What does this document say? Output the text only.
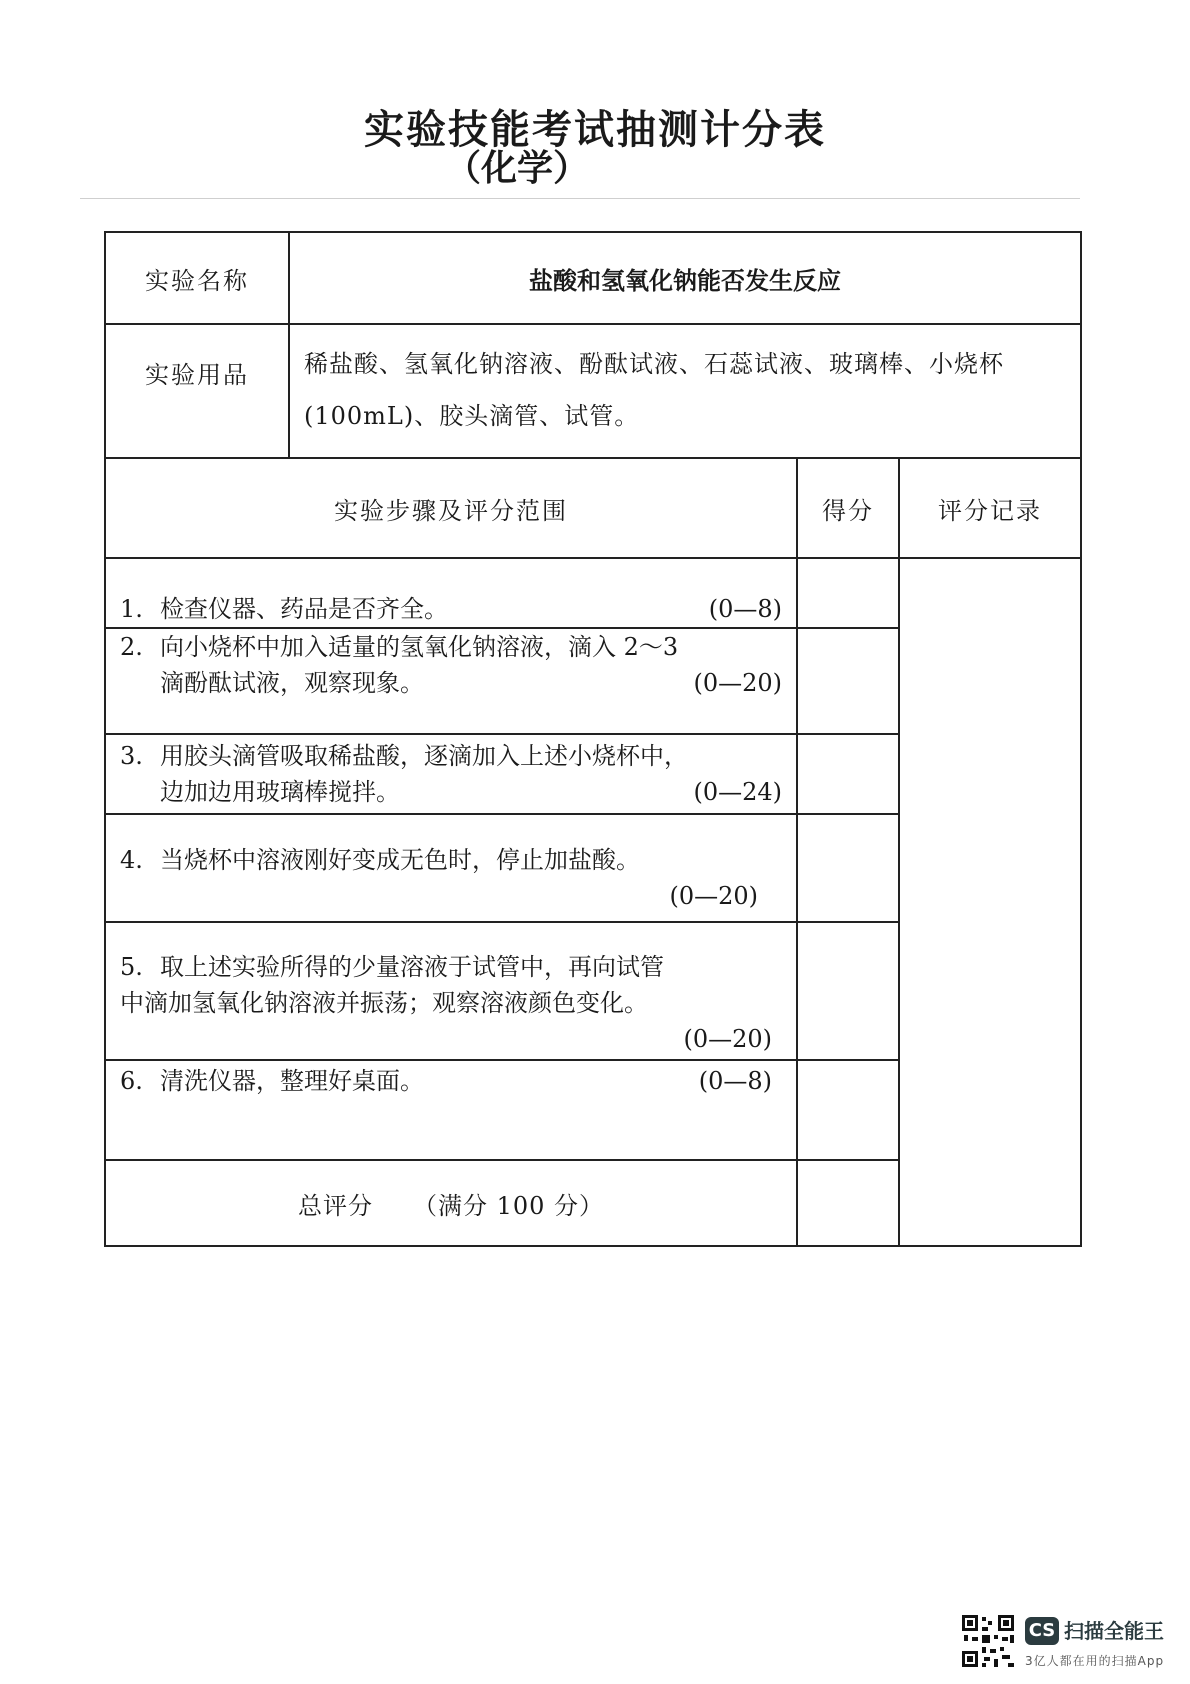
实验技能考试抽测计分表
（化学）
实验名称	盐酸和氢氧化钠能否发生反应		
实验用品	稀盐酸、氢氧化钠溶液、酚酞试液、石蕊试液、玻璃棒、小烧杯
(100mL)、胶头滴管、试管。		

实验步骤及评分范围		得分	评分记录
1. 检查仪器、药品是否齐全。 (0—8)			

2. 向小烧杯中加入适量的氢氧化钠溶液，滴入 2～3
滴酚酞试液，观察现象。 (0—20)			

3. 用胶头滴管吸取稀盐酸，逐滴加入上述小烧杯中，
边加边用玻璃棒搅拌。 (0—24)			

4. 当烧杯中溶液刚好变成无色时，停止加盐酸。
(0—20)			

5. 取上述实验所得的少量溶液于试管中，再向试管
中滴加氢氧化钠溶液并振荡；观察溶液颜色变化。
(0—20)			

6. 清洗仪器，整理好桌面。 (0—8)			

总评分 （满分 100 分）			
CS 扫描全能王
3亿人都在用的扫描App
